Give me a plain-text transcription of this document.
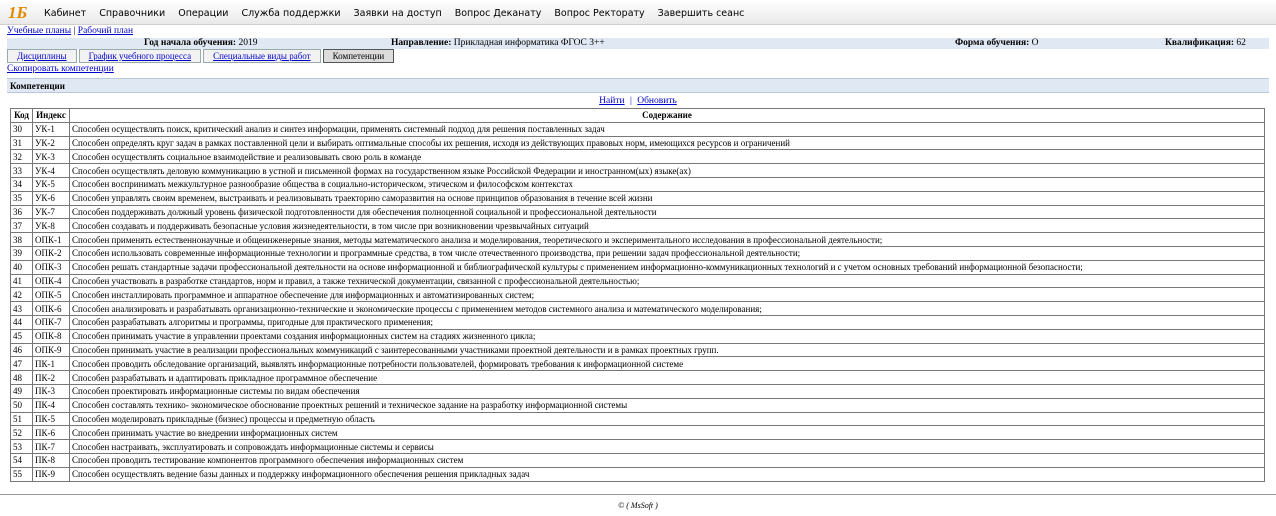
1Б	Кабинет Справочники Операции Служба поддержки Заявки на доступ Вопрос Деканату Вопрос Ректорату Завершить сеанс
Учебные планы | Рабочий план
Год начала обучения: 2019	Направление: Прикладная информатика ФГОС 3++	Форма обучения: О	Квалификация: 62
Дисциплины	График учебного процесса	Специальные виды работ	Компетенции
Скопировать компетенции
Компетенции
Найти | Обновить
Код	Индекс	Содержание
30	УК-1	Способен осуществлять поиск, критический анализ и синтез информации, применять системный подход для решения поставленных задач
31	УК-2	Способен определять круг задач в рамках поставленной цели и выбирать оптимальные способы их решения, исходя из действующих правовых норм, имеющихся ресурсов и ограничений
32	УК-3	Способен осуществлять социальное взаимодействие и реализовывать свою роль в команде
33	УК-4	Способен осуществлять деловую коммуникацию в устной и письменной формах на государственном языке Российской Федерации и иностранном(ых) языке(ах)
34	УК-5	Способен воспринимать межкультурное разнообразие общества в социально-историческом, этическом и философском контекстах
35	УК-6	Способен управлять своим временем, выстраивать и реализовывать траекторию саморазвития на основе принципов образования в течение всей жизни
36	УК-7	Способен поддерживать должный уровень физической подготовленности для обеспечения полноценной социальной и профессиональной деятельности
37	УК-8	Способен создавать и поддерживать безопасные условия жизнедеятельности, в том числе при возникновении чрезвычайных ситуаций
38	ОПК-1	Способен применять естественнонаучные и общеинженерные знания, методы математического анализа и моделирования, теоретического и экспериментального исследования в профессиональной деятельности;
39	ОПК-2	Способен использовать современные информационные технологии и программные средства, в том числе отечественного производства, при решении задач профессиональной деятельности;
40	ОПК-3	Способен решать стандартные задачи профессиональной деятельности на основе информационной и библиографической культуры с применением информационно-коммуникационных технологий и с учетом основных требований информационной безопасности;
41	ОПК-4	Способен участвовать в разработке стандартов, норм и правил, а также технической документации, связанной с профессиональной деятельностью;
42	ОПК-5	Способен инсталлировать программное и аппаратное обеспечение для информационных и автоматизированных систем;
43	ОПК-6	Способен анализировать и разрабатывать организационно-технические и экономические процессы с применением методов системного анализа и математического моделирования;
44	ОПК-7	Способен разрабатывать алгоритмы и программы, пригодные для практического применения;
45	ОПК-8	Способен принимать участие в управлении проектами создания информационных систем на стадиях жизненного цикла;
46	ОПК-9	Способен принимать участие в реализации профессиональных коммуникаций с заинтересованными участниками проектной деятельности и в рамках проектных групп.
47	ПК-1	Способен проводить обследование организаций, выявлять информационные потребности пользователей, формировать требования к информационной системе
48	ПК-2	Способен разрабатывать и адаптировать прикладное программное обеспечение
49	ПК-3	Способен проектировать информационные системы по видам обеспечения
50	ПК-4	Способен составлять технико- экономическое обоснование проектных решений и техническое задание на разработку информационной системы
51	ПК-5	Способен моделировать прикладные (бизнес) процессы и предметную область
52	ПК-6	Способен принимать участие во внедрении информационных систем
53	ПК-7	Способен настраивать, эксплуатировать и сопровождать информационные системы и сервисы
54	ПК-8	Способен проводить тестирование компонентов программного обеспечения информационных систем
55	ПК-9	Способен осуществлять ведение базы данных и поддержку информационного обеспечения решения прикладных задач
© ( MsSoft )
